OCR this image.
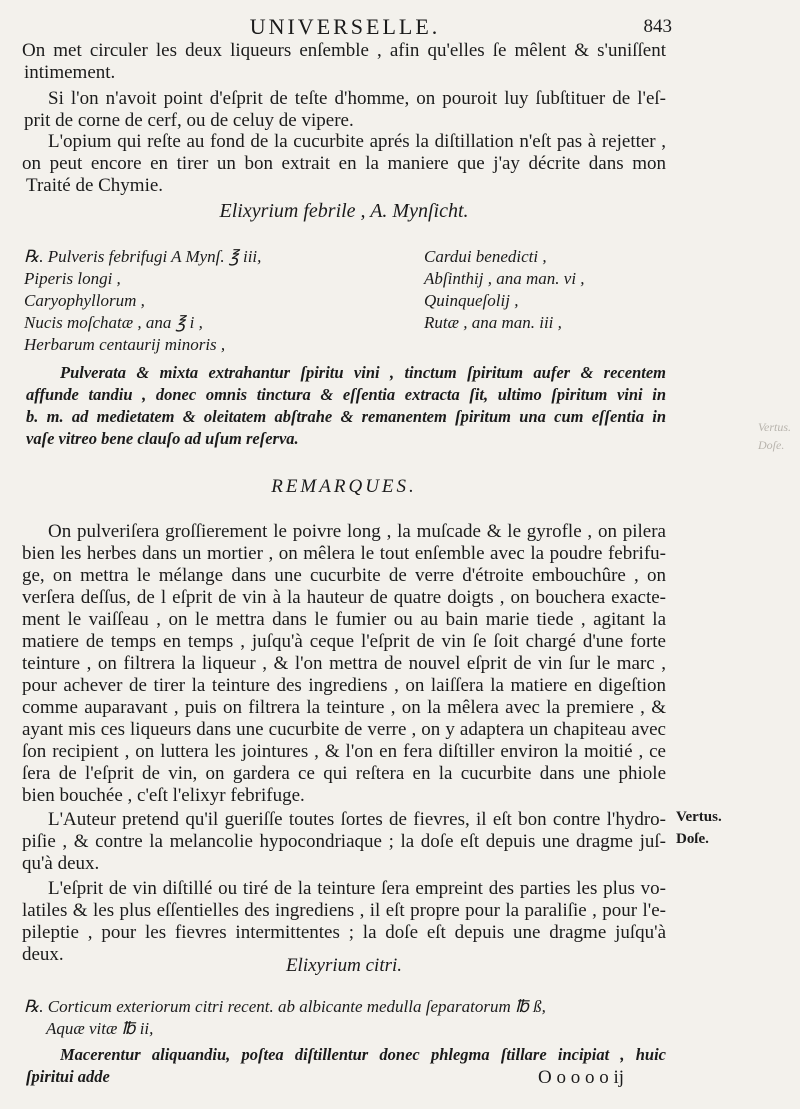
UNIVERSELLE.	843
On met circuler les deux liqueurs enſemble , afin qu'elles ſe mêlent & s'uniſſent
intimement.
Si l'on n'avoit point d'eſprit de teſte d'homme, on pouroit luy ſubſtituer de l'eſ-
prit de corne de cerf, ou de celuy de vipere.
L'opium qui reſte au fond de la cucurbite aprés la diſtillation n'eſt pas à rejetter ,
on peut encore en tirer un bon extrait en la maniere que j'ay décrite dans mon
Traité de Chymie.
Elixyrium febrile , A. Mynſicht.
℞. Pulveris febrifugi A Mynſ. ℥ iii,
Piperis longi ,
Caryophyllorum ,
Nucis moſchatæ , ana ℥ i ,
Herbarum centaurij minoris ,
Cardui benedicti ,
Abſinthij , ana man. vi ,
Quinqueſolij ,
Rutæ , ana man. iii ,
Pulverata & mixta extrahantur ſpiritu vini , tinctum ſpiritum aufer & recentem
affunde tandiu , donec omnis tinctura & eſſentia extracta ſit, ultimo ſpiritum vini in
b. m. ad medietatem & oleitatem abſtrahe & remanentem ſpiritum una cum eſſentia in
vaſe vitreo bene clauſo ad uſum reſerva.
REMARQUES.
On pulveriſera groſſierement le poivre long , la muſcade & le gyrofle , on pilera
bien les herbes dans un mortier , on mêlera le tout enſemble avec la poudre febrifu-
ge, on mettra le mélange dans une cucurbite de verre d'étroite embouchûre , on
verſera deſſus, de l eſprit de vin à la hauteur de quatre doigts , on bouchera exacte-
ment le vaiſſeau , on le mettra dans le fumier ou au bain marie tiede , agitant la
matiere de temps en temps , juſqu'à ceque l'eſprit de vin ſe ſoit chargé d'une forte
teinture , on filtrera la liqueur , & l'on mettra de nouvel eſprit de vin ſur le marc ,
pour achever de tirer la teinture des ingrediens , on laiſſera la matiere en digeſtion
comme auparavant , puis on filtrera la teinture , on la mêlera avec la premiere , &
ayant mis ces liqueurs dans une cucurbite de verre , on y adaptera un chapiteau avec
ſon recipient , on luttera les jointures , & l'on en fera diſtiller environ la moitié , ce
ſera de l'eſprit de vin, on gardera ce qui reſtera en la cucurbite dans une phiole
bien bouchée , c'eſt l'elixyr febrifuge.
L'Auteur pretend qu'il gueriſſe toutes ſortes de fievres, il eſt bon contre l'hydro-
piſie , & contre la melancolie hypocondriaque ; la doſe eſt depuis une dragme juſ-
qu'à deux.
Vertus.
Doſe.
L'eſprit de vin diſtillé ou tiré de la teinture ſera empreint des parties les plus vo-
latiles & les plus eſſentielles des ingrediens , il eſt propre pour la paraliſie , pour l'e-
pileptie , pour les fievres intermittentes ; la doſe eſt depuis une dragme juſqu'à
deux.
Elixyrium citri.
℞. Corticum exteriorum citri recent. ab albicante medulla ſeparatorum ℔ ß,
Aquæ vitæ ℔ ii,
Macerentur aliquandiu, poſtea diſtillentur donec phlegma ſtillare incipiat , huic
ſpiritui adde	O o o o o ij
Vertus.
Doſe.
